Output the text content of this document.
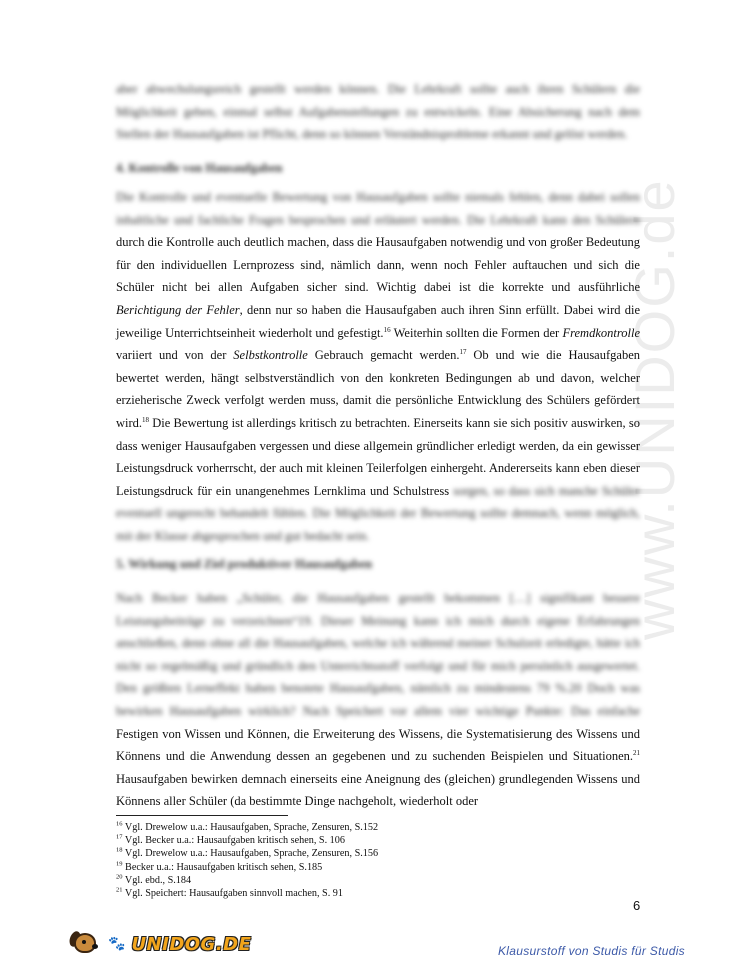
www.UNIDOG.de

aber abwechslungsreich gestellt werden können. Die Lehrkraft sollte auch ihren Schülern die Möglichkeit geben, einmal selbst Aufgabenstellungen zu entwickeln. Eine Absicherung nach dem Stellen der Hausaufgaben ist Pflicht, denn so können Verständnisprobleme erkannt und gelöst werden.

4. Kontrolle von Hausaufgaben
Die Kontrolle und eventuelle Bewertung von Hausaufgaben sollte niemals fehlen, denn dabei sollen inhaltliche und fachliche Fragen besprochen und erläutert werden. Die Lehrkraft kann den Schülern durch die Kontrolle auch deutlich machen, dass die Hausaufgaben notwendig und von großer Bedeutung für den individuellen Lernprozess sind, nämlich dann, wenn noch Fehler auftauchen und sich die Schüler nicht bei allen Aufgaben sicher sind. Wichtig dabei ist die korrekte und ausführliche Berichtigung der Fehler, denn nur so haben die Hausaufgaben auch ihren Sinn erfüllt. Dabei wird die jeweilige Unterrichtseinheit wiederholt und gefestigt.$^{16}$ Weiterhin sollten die Formen der Fremdkontrolle variiert und von der Selbstkontrolle Gebrauch gemacht werden.$^{17}$ Ob und wie die Hausaufgaben bewertet werden, hängt selbstverständlich von den konkreten Bedingungen ab und davon, welcher erzieherische Zweck verfolgt werden muss, damit die persönliche Entwicklung des Schülers gefördert wird.$^{18}$ Die Bewertung ist allerdings kritisch zu betrachten. Einerseits kann sie sich positiv auswirken, so dass weniger Hausaufgaben vergessen und diese allgemein gründlicher erledigt werden, da ein gewisser Leistungsdruck vorherrscht, der auch mit kleinen Teilerfolgen einhergeht. Andererseits kann eben dieser Leistungsdruck für ein unangenehmes Lernklima und Schulstress sorgen, so dass sich manche Schüler eventuell ungerecht behandelt fühlen. Die Möglichkeit der Bewertung sollte demnach, wenn möglich, mit der Klasse abgesprochen und gut bedacht sein.
5. Wirkung und Ziel produktiver Hausaufgaben
Nach Becker haben „Schüler, die Hausaufgaben gestellt bekommen […] signifikant bessere Leistungsbeiträge zu verzeichnen“19. Dieser Meinung kann ich mich durch eigene Erfahrungen anschließen, denn ohne all die Hausaufgaben, welche ich während meiner Schulzeit erledigte, hätte ich nicht so regelmäßig und gründlich den Unterrichtsstoff verfolgt und für mich persönlich ausgewertet. Den größten Lerneffekt haben benotete Hausaufgaben, nämlich zu mindestens 79 %.20 Doch was bewirken Hausaufgaben wirklich? Nach Speichert vor allem vier wichtige Punkte: Das einfache Festigen von Wissen und Können, die Erweiterung des Wissens, die Systematisierung des Wissens und Könnens und die Anwendung dessen an gegebenen und zu suchenden Beispielen und Situationen.$^{21}$ Hausaufgaben bewirken demnach einerseits eine Aneignung des (gleichen) grundlegenden Wissens und Könnens aller Schüler (da bestimmte Dinge nachgeholt, wiederholt oder
$^{16}$ Vgl. Drewelow u.a.: Hausaufgaben, Sprache, Zensuren, S.152
$^{17}$ Vgl. Becker u.a.: Hausaufgaben kritisch sehen, S. 106
$^{18}$ Vgl. Drewelow u.a.: Hausaufgaben, Sprache, Zensuren, S.156
$^{19}$ Becker u.a.: Hausaufgaben kritisch sehen, S.185
$^{20}$ Vgl. ebd., S.184
$^{21}$ Vgl. Speichert: Hausaufgaben sinnvoll machen, S. 91
6
🐾 UNIDOG.DE	Klausurstoff von Studis für Studis
